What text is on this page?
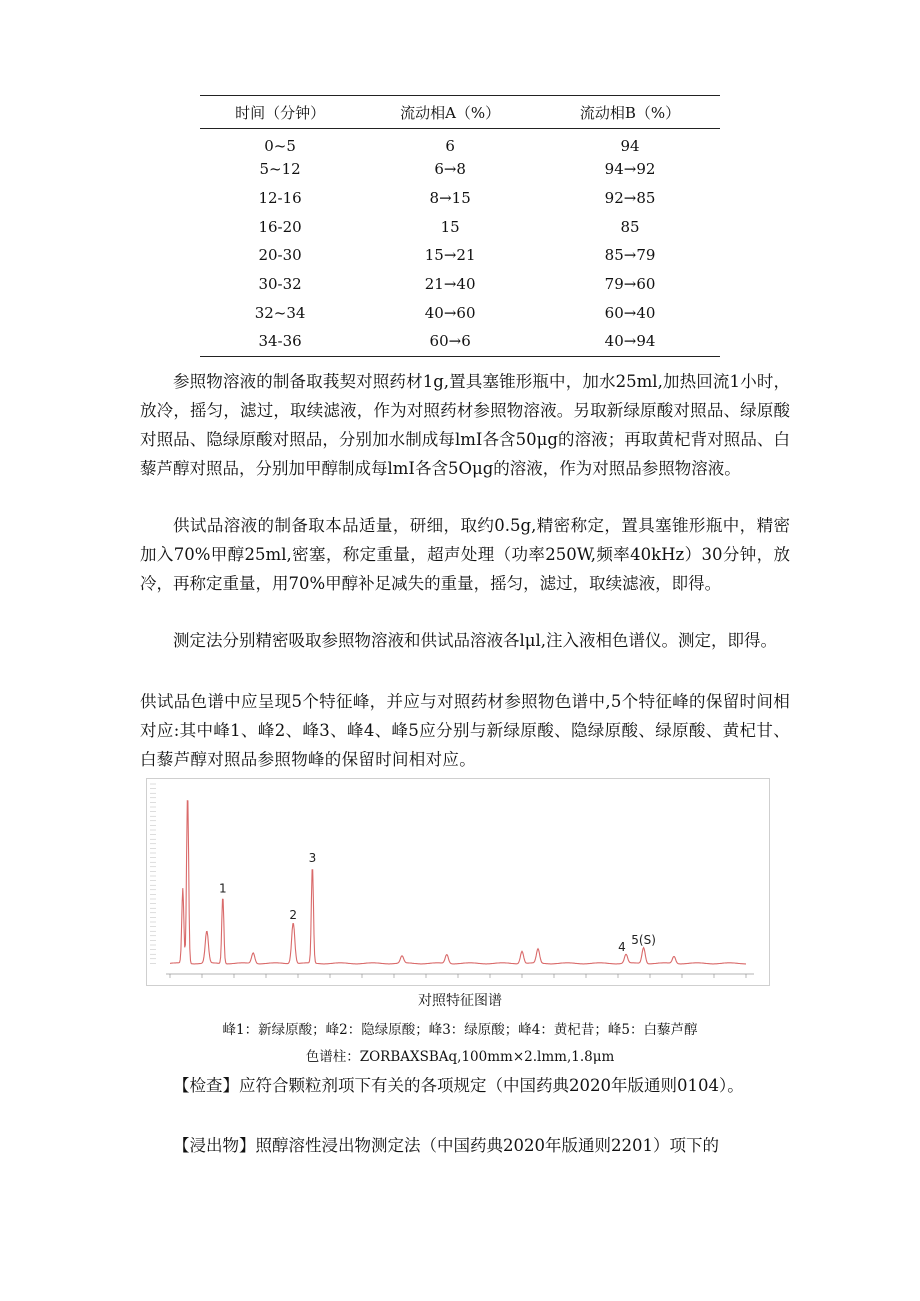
时间（分钟）	流动相A（%）	流动相B（%）
0~5	6	94
5~12	6→8	94→92
12-16	8→15	92→85
16-20	15	85
20-30	15→21	85→79
30-32	21→40	79→60
32~34	40→60	60→40
34-36	60→6	40→94

参照物溶液的制备取莪契对照药材1g,置具塞锥形瓶中，加水25ml,加热回流1小时，放冷，摇匀，滤过，取续滤液，作为对照药材参照物溶液。另取新绿原酸对照品、绿原酸对照品、隐绿原酸对照品，分别加水制成每lmI各含50μg的溶液；再取黄杞背对照品、白藜芦醇对照品，分别加甲醇制成每lmI各含5Oμg的溶液，作为对照品参照物溶液。

供试品溶液的制备取本品适量，研细，取约0.5g,精密称定，置具塞锥形瓶中，精密加入70%甲醇25ml,密塞，称定重量，超声处理（功率250W,频率40kHz）30分钟，放冷，再称定重量，用70%甲醇补足减失的重量，摇匀，滤过，取续滤液，即得。

测定法分别精密吸取参照物溶液和供试品溶液各lμl,注入液相色谱仪。测定，即得。

供试品色谱中应呈现5个特征峰，并应与对照药材参照物色谱中,5个特征峰的保留时间相对应:其中峰1、峰2、峰3、峰4、峰5应分别与新绿原酸、隐绿原酸、绿原酸、黄杞甘、白藜芦醇对照品参照物峰的保留时间相对应。

1
2
3
4
5(S)
对照特征图谱
峰1：新绿原酸；峰2：隐绿原酸；峰3：绿原酸；峰4：黄杞昔；峰5：白藜芦醇
色谱柱：ZORBAXSBAq,100mm×2.lmm,1.8μm

【检查】应符合颗粒剂项下有关的各项规定（中国药典2020年版通则0104）。

【浸出物】照醇溶性浸出物测定法（中国药典2020年版通则2201）项下的
